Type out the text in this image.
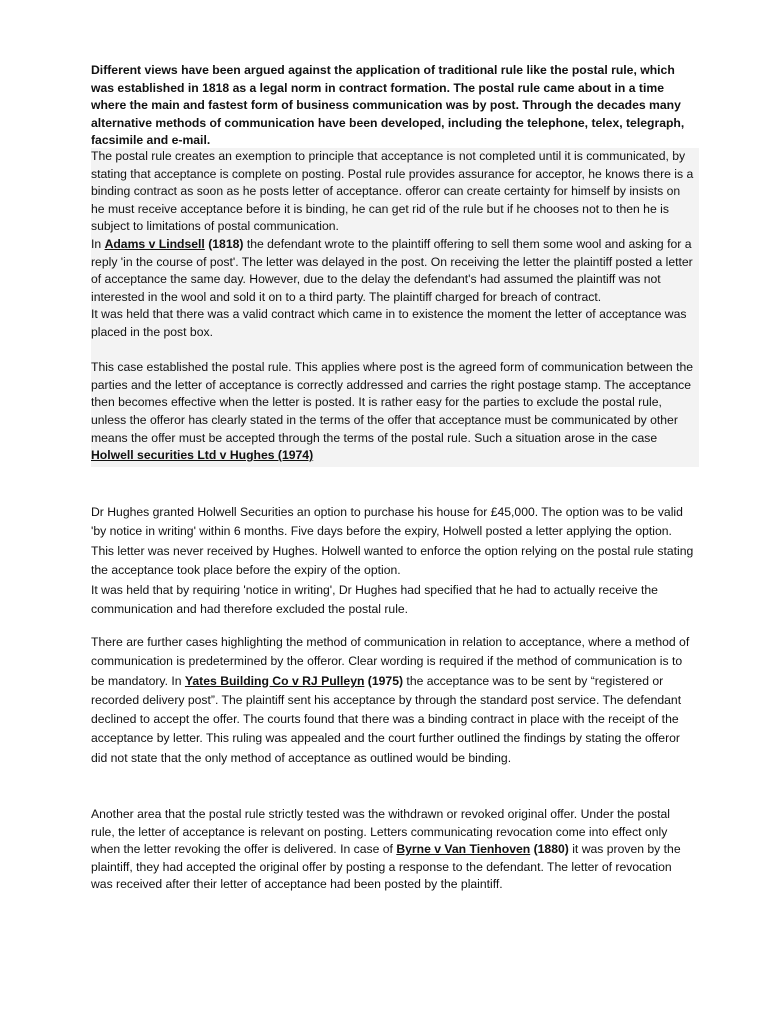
Different views have been argued against the application of traditional rule like the postal rule, which was established in 1818 as a legal norm in contract formation. The postal rule came about in a time where the main and fastest form of business communication was by post. Through the decades many alternative methods of communication have been developed, including the telephone, telex, telegraph, facsimile and e-mail.

The postal rule creates an exemption to principle that acceptance is not completed until it is communicated, by stating that acceptance is complete on posting. Postal rule provides assurance for acceptor, he knows there is a binding contract as soon as he posts letter of acceptance. offeror can create certainty for himself by insists on he must receive acceptance before it is binding, he can get rid of the rule but if he chooses not to then he is subject to limitations of postal communication.

In Adams v Lindsell (1818) the defendant wrote to the plaintiff offering to sell them some wool and asking for a reply 'in the course of post'. The letter was delayed in the post. On receiving the letter the plaintiff posted a letter of acceptance the same day. However, due to the delay the defendant's had assumed the plaintiff was not interested in the wool and sold it on to a third party. The plaintiff charged for breach of contract.

It was held that there was a valid contract which came in to existence the moment the letter of acceptance was placed in the post box.

This case established the postal rule. This applies where post is the agreed form of communication between the parties and the letter of acceptance is correctly addressed and carries the right postage stamp. The acceptance then becomes effective when the letter is posted. It is rather easy for the parties to exclude the postal rule, unless the offeror has clearly stated in the terms of the offer that acceptance must be communicated by other means the offer must be accepted through the terms of the postal rule. Such a situation arose in the case Holwell securities Ltd v Hughes (1974)

Dr Hughes granted Holwell Securities an option to purchase his house for £45,000. The option was to be valid 'by notice in writing' within 6 months. Five days before the expiry, Holwell posted a letter applying the option. This letter was never received by Hughes. Holwell wanted to enforce the option relying on the postal rule stating the acceptance took place before the expiry of the option.

It was held that by requiring 'notice in writing', Dr Hughes had specified that he had to actually receive the communication and had therefore excluded the postal rule.

There are further cases highlighting the method of communication in relation to acceptance, where a method of communication is predetermined by the offeror. Clear wording is required if the method of communication is to be mandatory. In Yates Building Co v RJ Pulleyn (1975) the acceptance was to be sent by “registered or recorded delivery post”. The plaintiff sent his acceptance by through the standard post service. The defendant declined to accept the offer. The courts found that there was a binding contract in place with the receipt of the acceptance by letter. This ruling was appealed and the court further outlined the findings by stating the offeror did not state that the only method of acceptance as outlined would be binding.

Another area that the postal rule strictly tested was the withdrawn or revoked original offer. Under the postal rule, the letter of acceptance is relevant on posting. Letters communicating revocation come into effect only when the letter revoking the offer is delivered. In case of Byrne v Van Tienhoven (1880) it was proven by the plaintiff, they had accepted the original offer by posting a response to the defendant. The letter of revocation was received after their letter of acceptance had been posted by the plaintiff.
